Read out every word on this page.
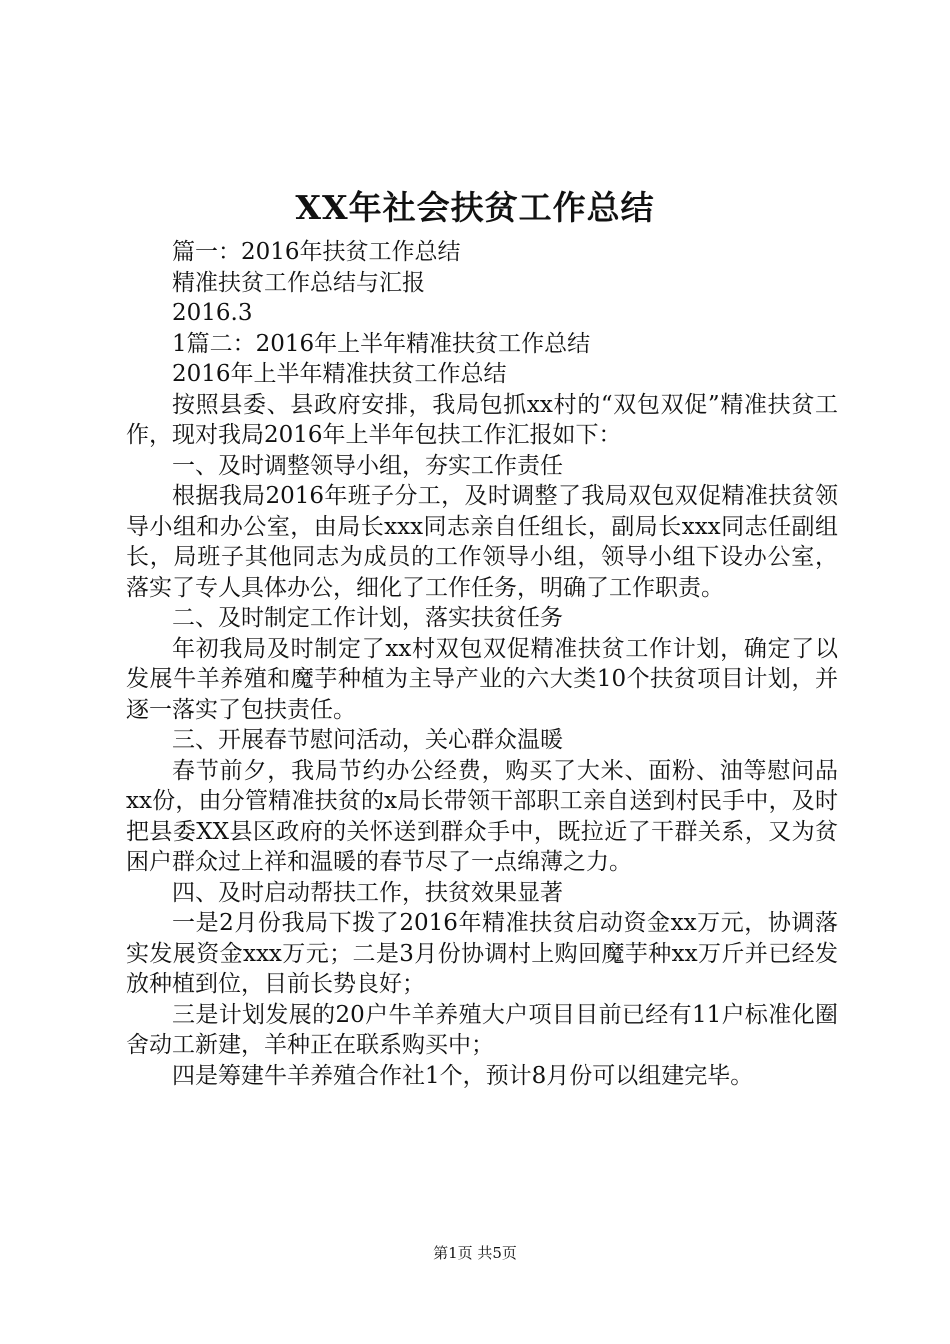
XX年社会扶贫工作总结

篇一：2016年扶贫工作总结

精准扶贫工作总结与汇报

2016.3

1篇二：2016年上半年精准扶贫工作总结

2016年上半年精准扶贫工作总结

按照县委、县政府安排，我局包抓xx村的“双包双促”精准扶贫工作，现对我局2016年上半年包扶工作汇报如下：

一、及时调整领导小组，夯实工作责任

根据我局2016年班子分工，及时调整了我局双包双促精准扶贫领导小组和办公室，由局长xxx同志亲自任组长，副局长xxx同志任副组长，局班子其他同志为成员的工作领导小组，领导小组下设办公室，落实了专人具体办公，细化了工作任务，明确了工作职责。

二、及时制定工作计划，落实扶贫任务

年初我局及时制定了xx村双包双促精准扶贫工作计划，确定了以发展牛羊养殖和魔芋种植为主导产业的六大类10个扶贫项目计划，并逐一落实了包扶责任。

三、开展春节慰问活动，关心群众温暖

春节前夕，我局节约办公经费，购买了大米、面粉、油等慰问品xx份，由分管精准扶贫的x局长带领干部职工亲自送到村民手中，及时把县委XX县区政府的关怀送到群众手中，既拉近了干群关系，又为贫困户群众过上祥和温暖的春节尽了一点绵薄之力。

四、及时启动帮扶工作，扶贫效果显著

一是2月份我局下拨了2016年精准扶贫启动资金xx万元，协调落实发展资金xxx万元；二是3月份协调村上购回魔芋种xx万斤并已经发放种植到位，目前长势良好；

三是计划发展的20户牛羊养殖大户项目目前已经有11户标准化圈舍动工新建，羊种正在联系购买中；

四是筹建牛羊养殖合作社1个，预计8月份可以组建完毕。

第1页 共5页
